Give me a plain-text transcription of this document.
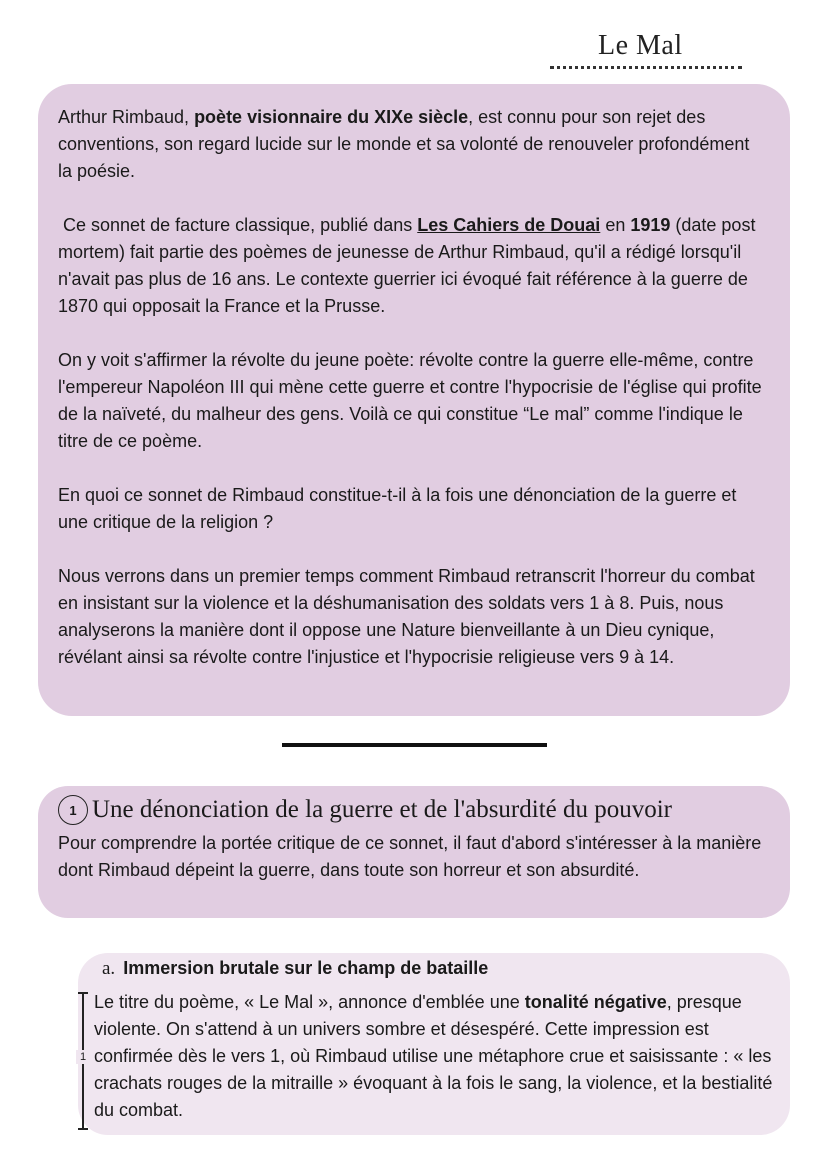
Le Mal

Arthur Rimbaud, poète visionnaire du XIXe siècle, est connu pour son rejet des conventions, son regard lucide sur le monde et sa volonté de renouveler profondément la poésie.

Ce sonnet de facture classique, publié dans Les Cahiers de Douai en 1919 (date post mortem) fait partie des poèmes de jeunesse de Arthur Rimbaud, qu'il a rédigé lorsqu'il n'avait pas plus de 16 ans. Le contexte guerrier ici évoqué fait référence à la guerre de 1870 qui opposait la France et la Prusse.

On y voit s'affirmer la révolte du jeune poète: révolte contre la guerre elle-même, contre l'empereur Napoléon III qui mène cette guerre et contre l'hypocrisie de l'église qui profite de la naïveté, du malheur des gens. Voilà ce qui constitue “Le mal” comme l'indique le titre de ce poème.

En quoi ce sonnet de Rimbaud constitue-t-il à la fois une dénonciation de la guerre et une critique de la religion ?

Nous verrons dans un premier temps comment Rimbaud retranscrit l'horreur du combat en insistant sur la violence et la déshumanisation des soldats vers 1 à 8. Puis, nous analyserons la manière dont il oppose une Nature bienveillante à un Dieu cynique, révélant ainsi sa révolte contre l'injustice et l'hypocrisie religieuse vers 9 à 14.

1 Une dénonciation de la guerre et de l'absurdité du pouvoir

Pour comprendre la portée critique de ce sonnet, il faut d'abord s'intéresser à la manière dont Rimbaud dépeint la guerre, dans toute son horreur et son absurdité.

a. Immersion brutale sur le champ de bataille
Le titre du poème, « Le Mal », annonce d'emblée une tonalité négative, presque violente. On s'attend à un univers sombre et désespéré. Cette impression est confirmée dès le vers 1, où Rimbaud utilise une métaphore crue et saisissante : « les crachats rouges de la mitraille » évoquant à la fois le sang, la violence, et la bestialité du combat.
1
